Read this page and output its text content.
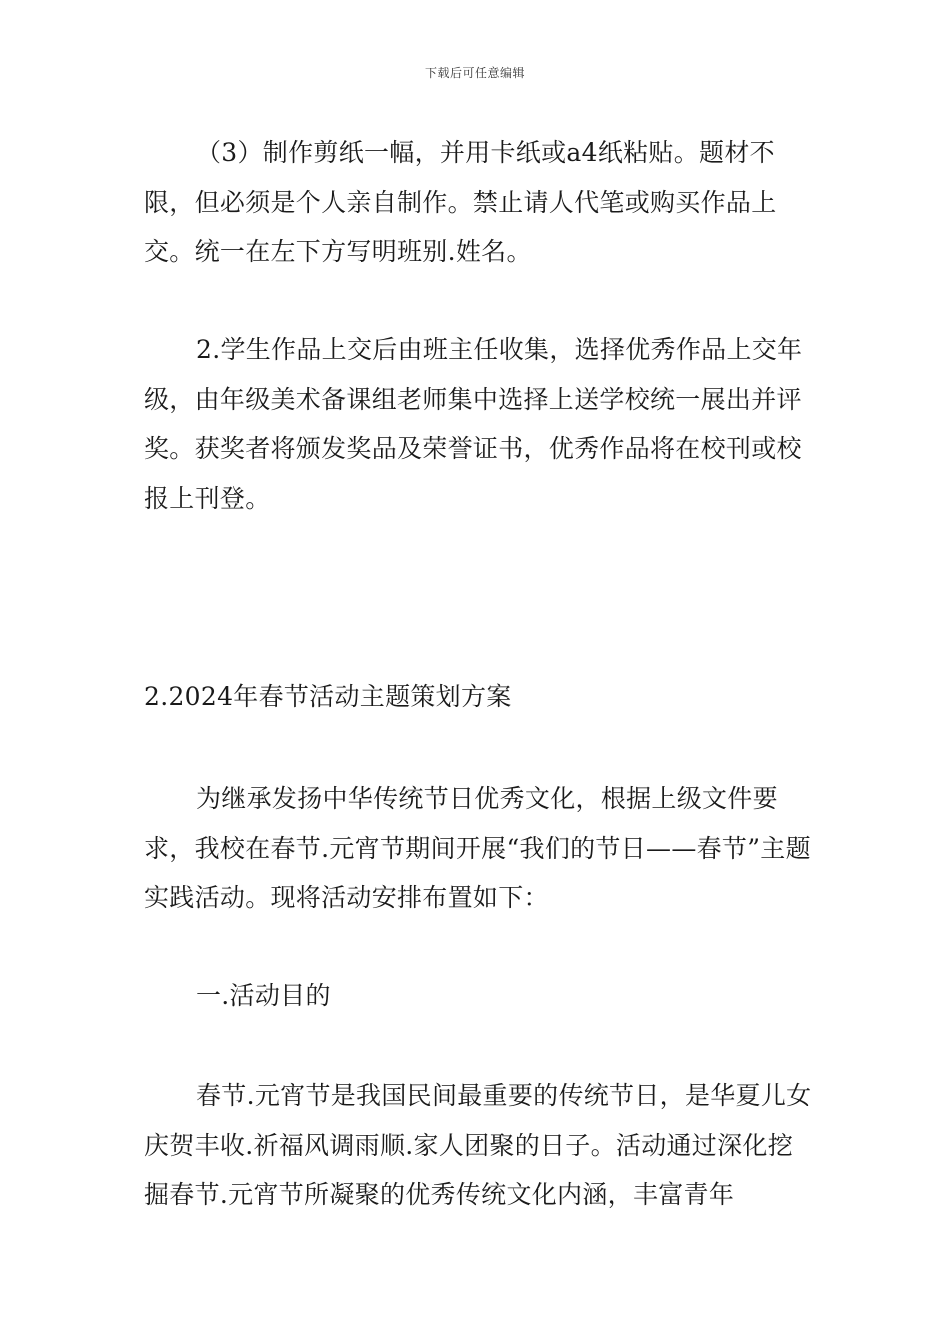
下载后可任意编辑

（3）制作剪纸一幅，并用卡纸或a4纸粘贴。题材不限，但必须是个人亲自制作。禁止请人代笔或购买作品上交。统一在左下方写明班别.姓名。

2.学生作品上交后由班主任收集，选择优秀作品上交年级，由年级美术备课组老师集中选择上送学校统一展出并评奖。获奖者将颁发奖品及荣誉证书，优秀作品将在校刊或校报上刊登。

2.2024年春节活动主题策划方案

为继承发扬中华传统节日优秀文化，根据上级文件要求，我校在春节.元宵节期间开展“我们的节日——春节”主题实践活动。现将活动安排布置如下：

一.活动目的

春节.元宵节是我国民间最重要的传统节日，是华夏儿女庆贺丰收.祈福风调雨顺.家人团聚的日子。活动通过深化挖掘春节.元宵节所凝聚的优秀传统文化内涵，丰富青年
